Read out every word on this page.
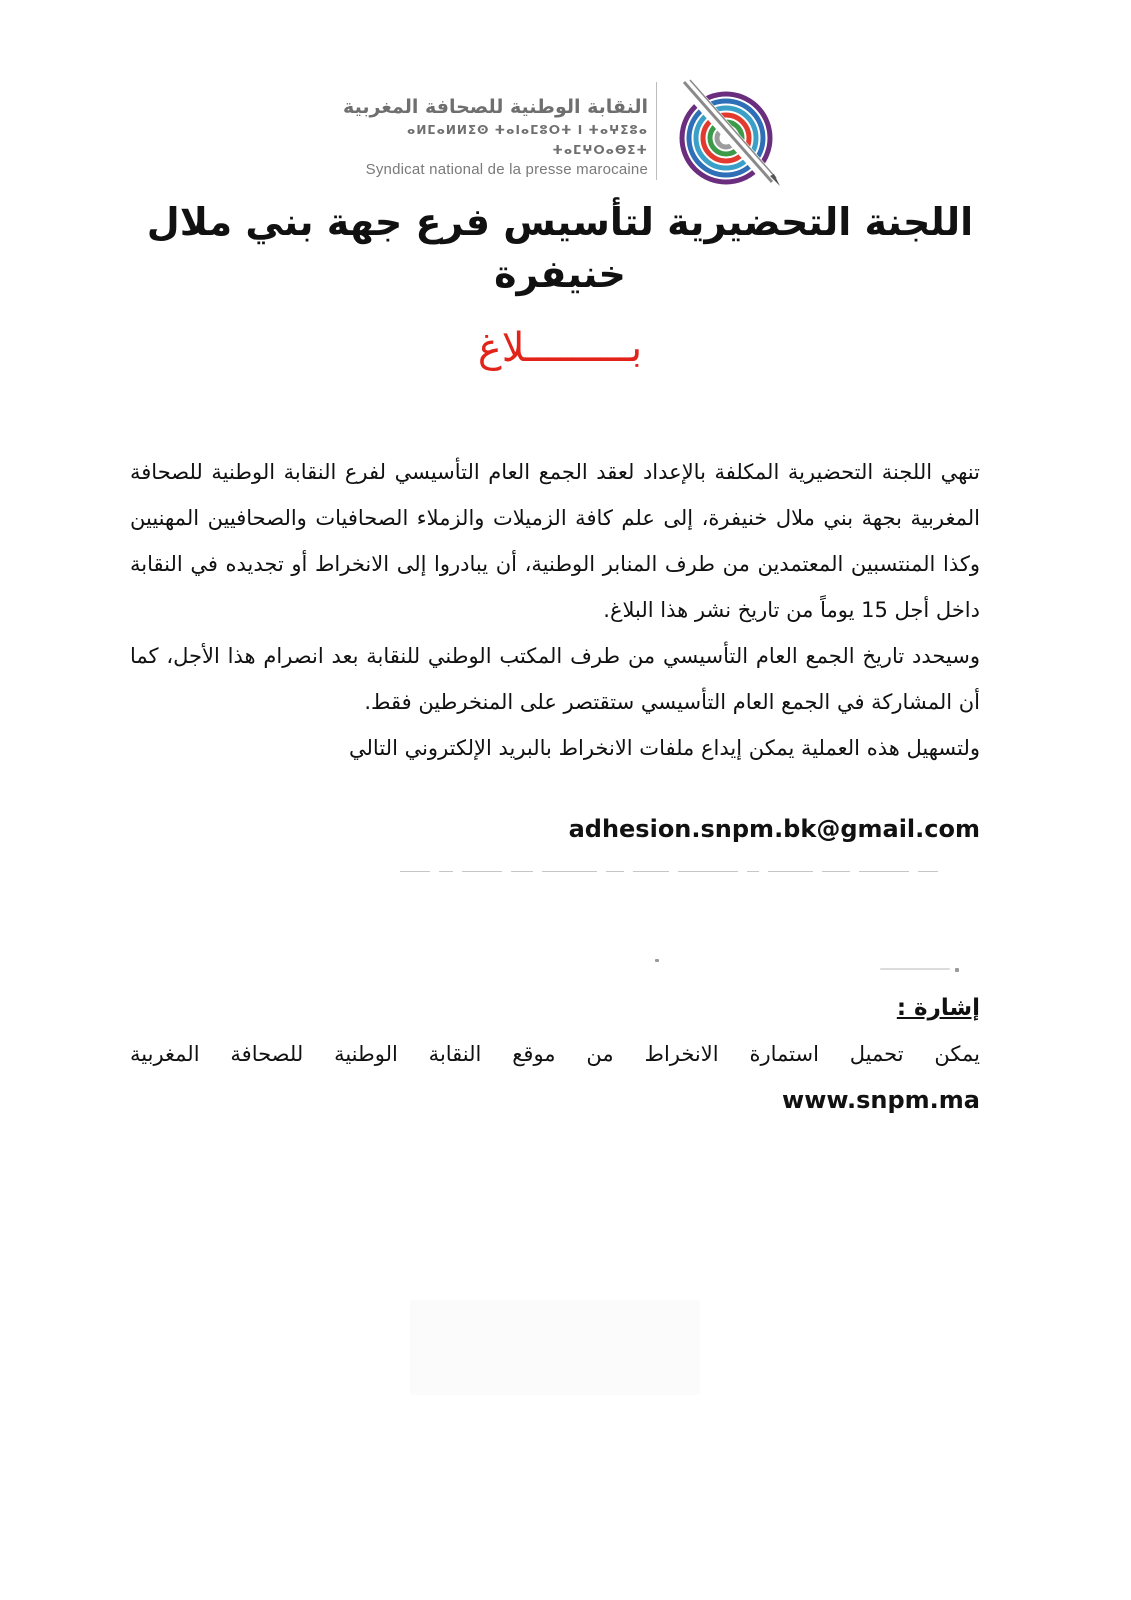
النقابة الوطنية للصحافة المغربية
ⴰⵍⵎⴰⵍⵍⵉⵙ ⵜⴰⵏⴰⵎⵓⵔⵜ Ⅰ ⵜⴰⵖⵉⵓⴰ ⵜⴰⵎⵖⵔⴰⴱⵉⵜ
Syndicat national de la presse marocaine
اللجنة التحضيرية لتأسيس فرع جهة بني ملال خنيفرة
بـــــــــلاغ

تنهي اللجنة التحضيرية المكلفة بالإعداد لعقد الجمع العام التأسيسي لفرع النقابة الوطنية للصحافة المغربية بجهة بني ملال خنيفرة، إلى علم كافة الزميلات والزملاء الصحافيات والصحافيين المهنيين وكذا المنتسبين المعتمدين من طرف المنابر الوطنية، أن يبادروا إلى الانخراط أو تجديده في النقابة داخل أجل 15 يوماً من تاريخ نشر هذا البلاغ.

وسيحدد تاريخ الجمع العام التأسيسي من طرف المكتب الوطني للنقابة بعد انصرام هذا الأجل، كما أن المشاركة في الجمع العام التأسيسي ستقتصر على المنخرطين فقط.

ولتسهيل هذه العملية يمكن إيداع ملفات الانخراط بالبريد الإلكتروني التالي

adhesion.snpm.bk@gmail.com
إشارة :
يمكن تحميل استمارة الانخراط من موقع النقابة الوطنية للصحافة المغربية
www.snpm.ma
